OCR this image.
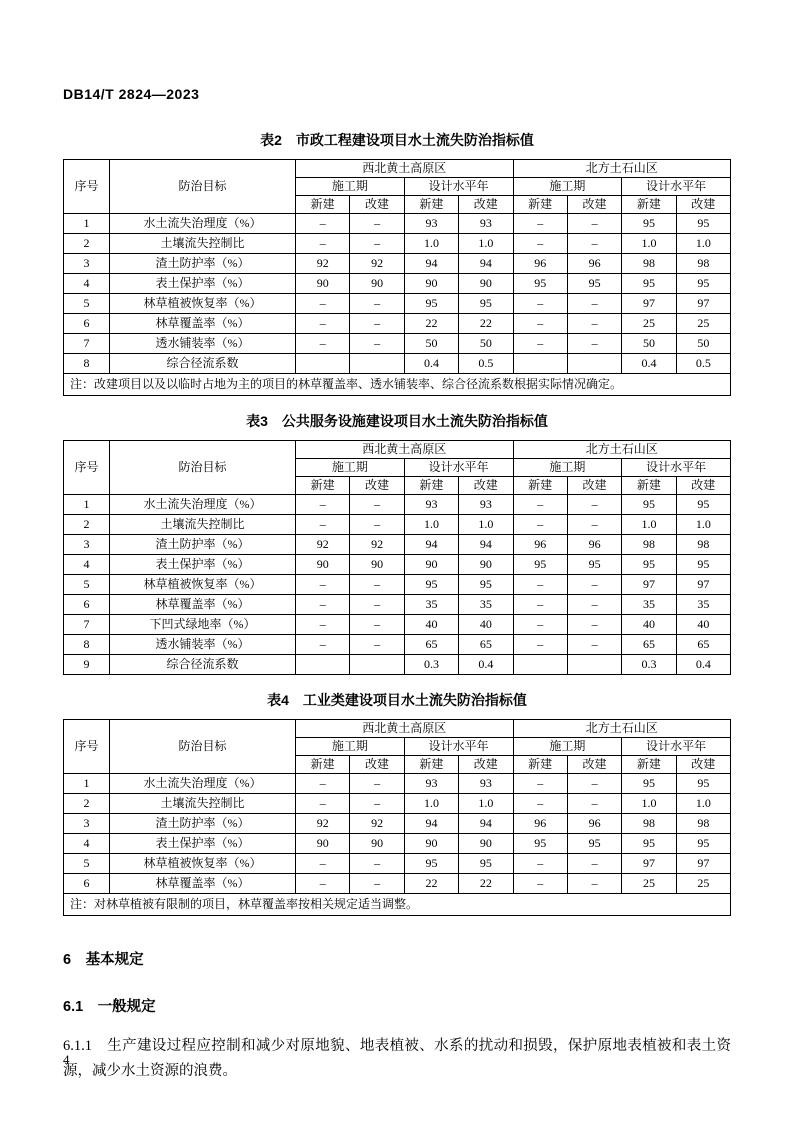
DB14/T 2824—2023
表2　市政工程建设项目水土流失防治指标值
序号	防治目标	西北黄土高原区				北方土石山区			
		施工期		设计水平年		施工期		设计水平年	
		新建	改建	新建	改建	新建	改建	新建	改建
1	水土流失治理度（%）	–	–	93	93	–	–	95	95
2	土壤流失控制比	–	–	1.0	1.0	–	–	1.0	1.0
3	渣土防护率（%）	92	92	94	94	96	96	98	98
4	表土保护率（%）	90	90	90	90	95	95	95	95
5	林草植被恢复率（%）	–	–	95	95	–	–	97	97
6	林草覆盖率（%）	–	–	22	22	–	–	25	25
7	透水铺装率（%）	–	–	50	50	–	–	50	50
8	综合径流系数			0.4	0.5			0.4	0.5
注：改建项目以及以临时占地为主的项目的林草覆盖率、透水铺装率、综合径流系数根据实际情况确定。									
表3　公共服务设施建设项目水土流失防治指标值
序号	防治目标	西北黄土高原区				北方土石山区			
		施工期		设计水平年		施工期		设计水平年	
		新建	改建	新建	改建	新建	改建	新建	改建
1	水土流失治理度（%）	–	–	93	93	–	–	95	95
2	土壤流失控制比	–	–	1.0	1.0	–	–	1.0	1.0
3	渣土防护率（%）	92	92	94	94	96	96	98	98
4	表土保护率（%）	90	90	90	90	95	95	95	95
5	林草植被恢复率（%）	–	–	95	95	–	–	97	97
6	林草覆盖率（%）	–	–	35	35	–	–	35	35
7	下凹式绿地率（%）	–	–	40	40	–	–	40	40
8	透水铺装率（%）	–	–	65	65	–	–	65	65
9	综合径流系数			0.3	0.4			0.3	0.4
表4　工业类建设项目水土流失防治指标值
序号	防治目标	西北黄土高原区				北方土石山区			
		施工期		设计水平年		施工期		设计水平年	
		新建	改建	新建	改建	新建	改建	新建	改建
1	水土流失治理度（%）	–	–	93	93	–	–	95	95
2	土壤流失控制比	–	–	1.0	1.0	–	–	1.0	1.0
3	渣土防护率（%）	92	92	94	94	96	96	98	98
4	表土保护率（%）	90	90	90	90	95	95	95	95
5	林草植被恢复率（%）	–	–	95	95	–	–	97	97
6	林草覆盖率（%）	–	–	22	22	–	–	25	25
注：对林草植被有限制的项目，林草覆盖率按相关规定适当调整。									
6　基本规定
6.1　一般规定
6.1.1　生产建设过程应控制和减少对原地貌、地表植被、水系的扰动和损毁，保护原地表植被和表土资源，减少水土资源的浪费。
4
